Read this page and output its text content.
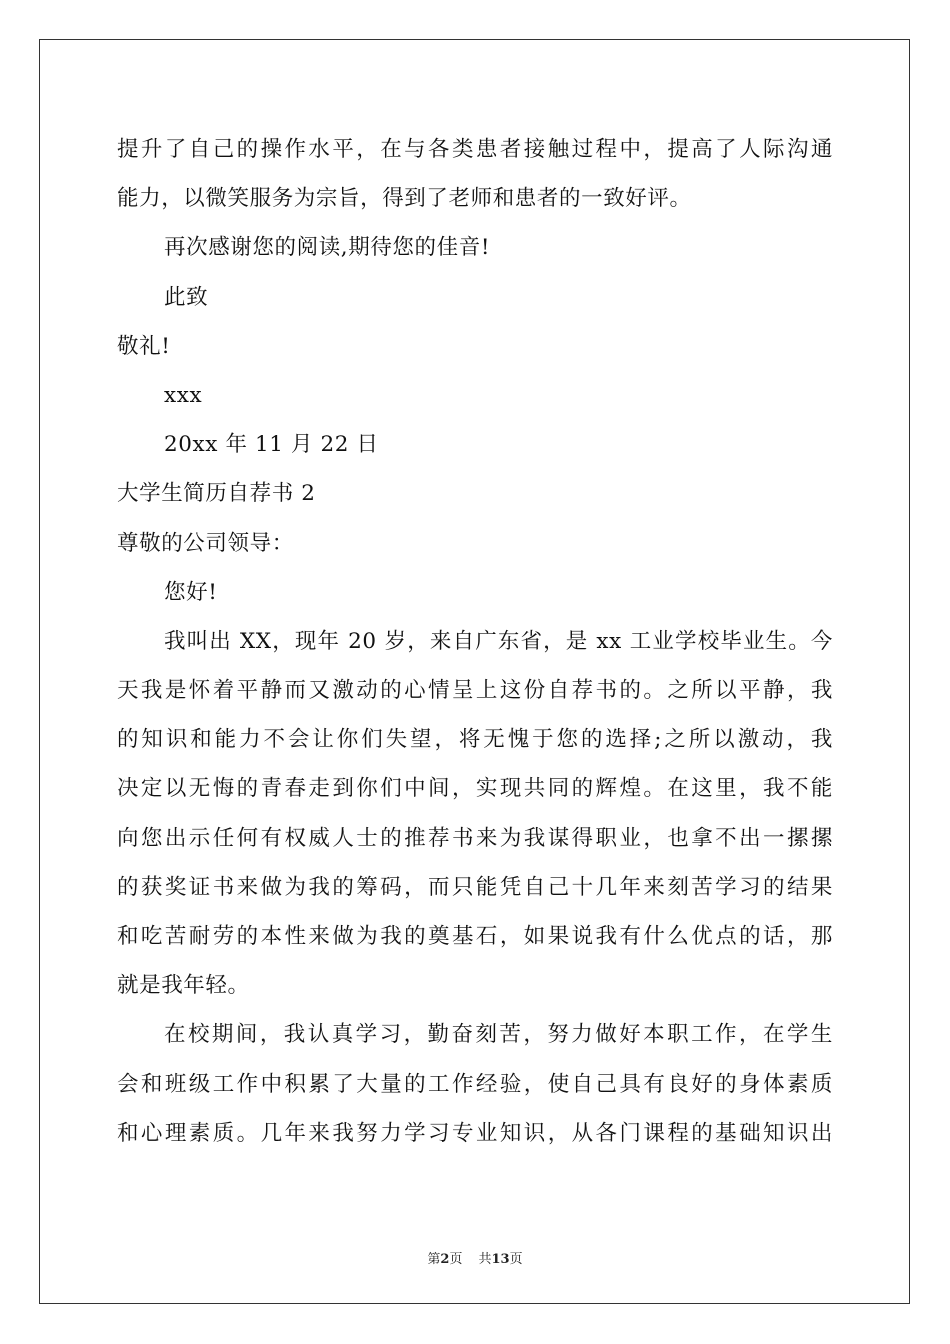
提升了自己的操作水平，在与各类患者接触过程中，提高了人际沟通
能力，以微笑服务为宗旨，得到了老师和患者的一致好评。
再次感谢您的阅读,期待您的佳音!
此致
敬礼!
xxx
20xx 年 11 月 22 日
大学生简历自荐书 2
尊敬的公司领导：
您好!
我叫出 XX，现年 20 岁，来自广东省，是 xx 工业学校毕业生。今
天我是怀着平静而又激动的心情呈上这份自荐书的。之所以平静，我
的知识和能力不会让你们失望，将无愧于您的选择;之所以激动，我
决定以无悔的青春走到你们中间，实现共同的辉煌。在这里，我不能
向您出示任何有权威人士的推荐书来为我谋得职业，也拿不出一摞摞
的获奖证书来做为我的筹码，而只能凭自己十几年来刻苦学习的结果
和吃苦耐劳的本性来做为我的奠基石，如果说我有什么优点的话，那
就是我年轻。
在校期间，我认真学习，勤奋刻苦，努力做好本职工作，在学生
会和班级工作中积累了大量的工作经验，使自己具有良好的身体素质
和心理素质。几年来我努力学习专业知识，从各门课程的基础知识出
第2页 共13页
